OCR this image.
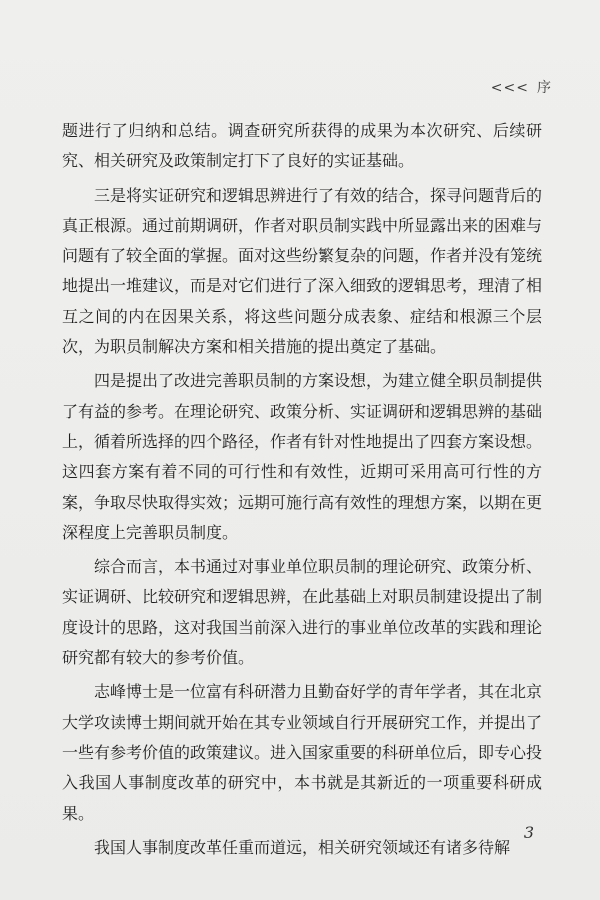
<<< 序

题进行了归纳和总结。调查研究所获得的成果为本次研究、后续研究、相关研究及政策制定打下了良好的实证基础。

三是将实证研究和逻辑思辨进行了有效的结合，探寻问题背后的真正根源。通过前期调研，作者对职员制实践中所显露出来的困难与问题有了较全面的掌握。面对这些纷繁复杂的问题，作者并没有笼统地提出一堆建议，而是对它们进行了深入细致的逻辑思考，理清了相互之间的内在因果关系，将这些问题分成表象、症结和根源三个层次，为职员制解决方案和相关措施的提出奠定了基础。

四是提出了改进完善职员制的方案设想，为建立健全职员制提供了有益的参考。在理论研究、政策分析、实证调研和逻辑思辨的基础上，循着所选择的四个路径，作者有针对性地提出了四套方案设想。这四套方案有着不同的可行性和有效性，近期可采用高可行性的方案，争取尽快取得实效；远期可施行高有效性的理想方案，以期在更深程度上完善职员制度。

综合而言，本书通过对事业单位职员制的理论研究、政策分析、实证调研、比较研究和逻辑思辨，在此基础上对职员制建设提出了制度设计的思路，这对我国当前深入进行的事业单位改革的实践和理论研究都有较大的参考价值。

志峰博士是一位富有科研潜力且勤奋好学的青年学者，其在北京大学攻读博士期间就开始在其专业领域自行开展研究工作，并提出了一些有参考价值的政策建议。进入国家重要的科研单位后，即专心投入我国人事制度改革的研究中，本书就是其新近的一项重要科研成果。

我国人事制度改革任重而道远，相关研究领域还有诸多待解

3
